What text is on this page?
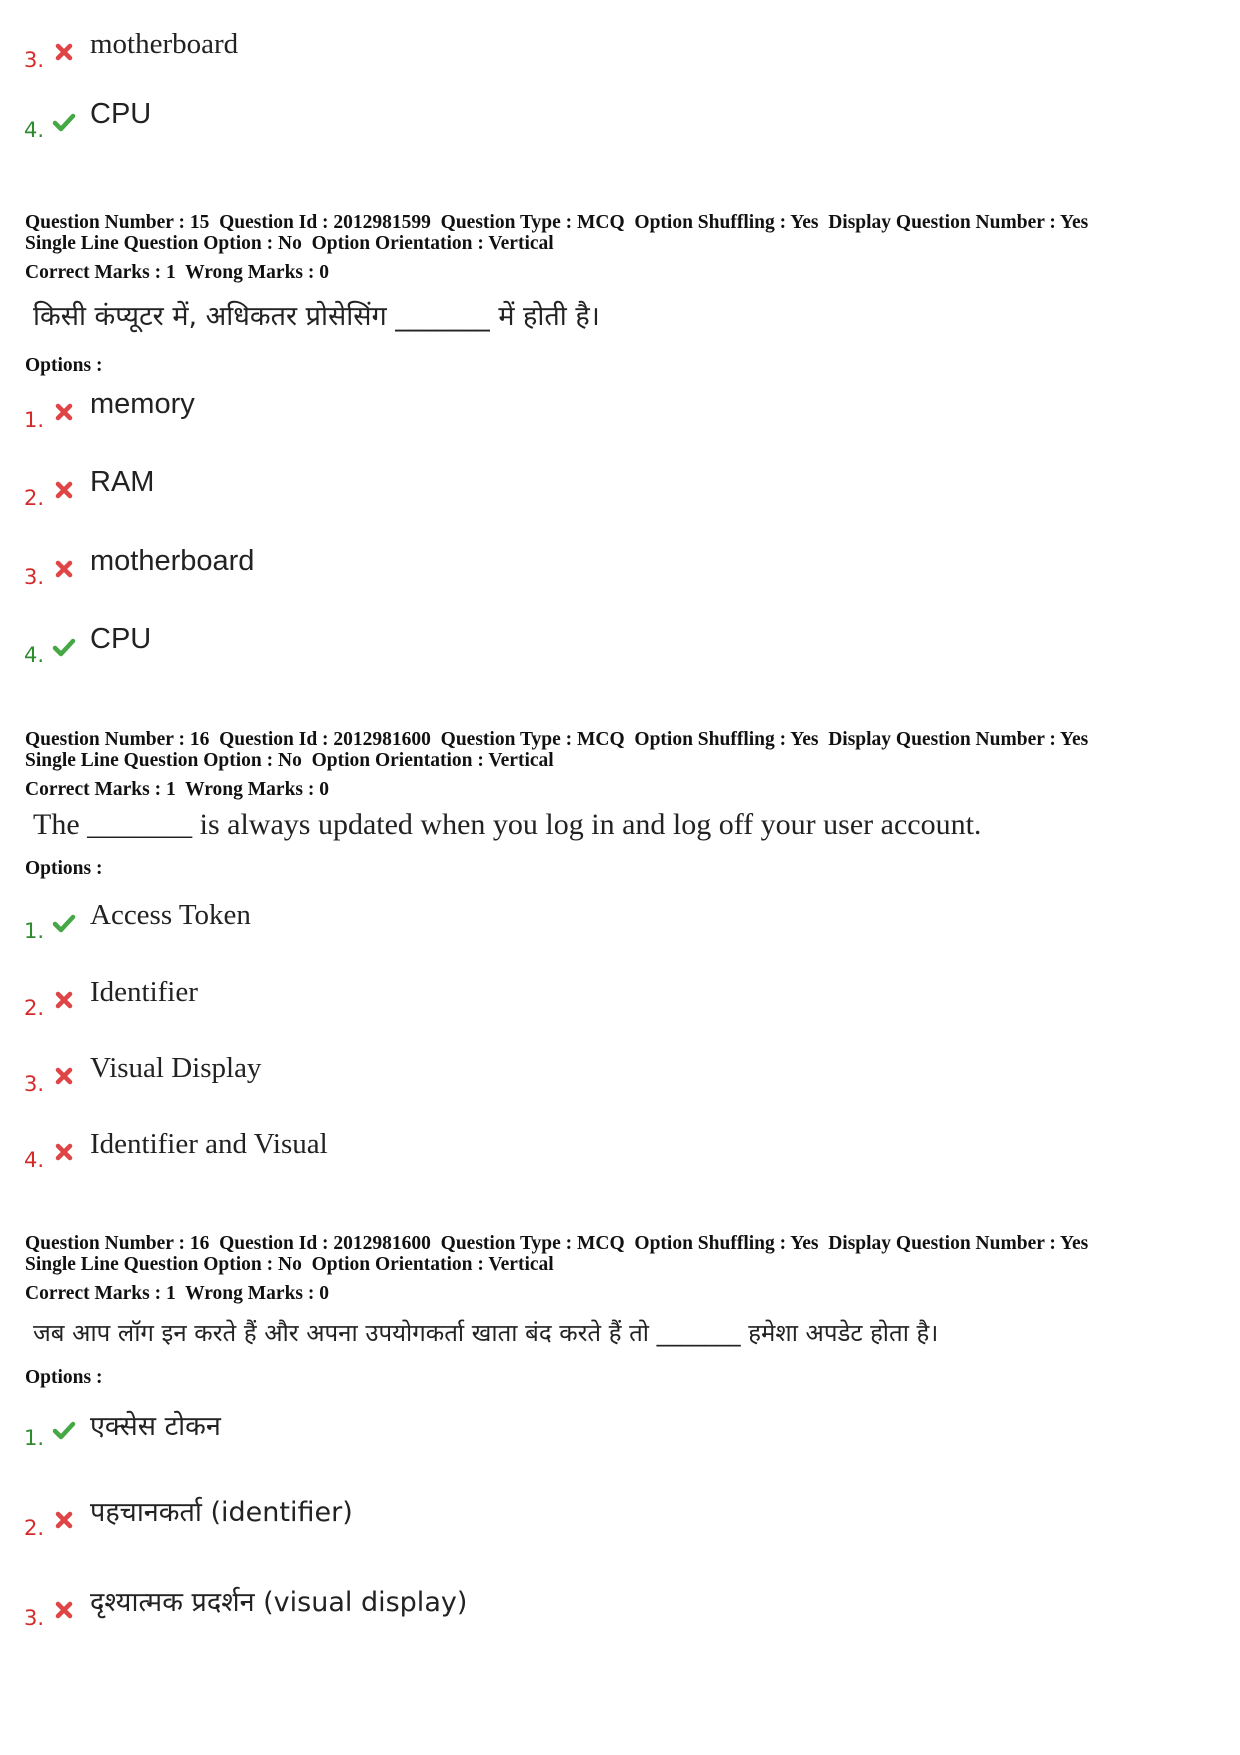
3. motherboard
4. CPU
Question Number : 15  Question Id : 2012981599  Question Type : MCQ  Option Shuffling : Yes  Display Question Number : Yes
Single Line Question Option : No  Option Orientation : Vertical
Correct Marks : 1  Wrong Marks : 0
किसी कंप्यूटर में, अधिकतर प्रोसेसिंग _______ में होती है।
Options :
1. memory
2. RAM
3. motherboard
4. CPU
Question Number : 16  Question Id : 2012981600  Question Type : MCQ  Option Shuffling : Yes  Display Question Number : Yes
Single Line Question Option : No  Option Orientation : Vertical
Correct Marks : 1  Wrong Marks : 0
The _______ is always updated when you log in and log off your user account.
Options :
1. Access Token
2. Identifier
3. Visual Display
4. Identifier and Visual
Question Number : 16  Question Id : 2012981600  Question Type : MCQ  Option Shuffling : Yes  Display Question Number : Yes
Single Line Question Option : No  Option Orientation : Vertical
Correct Marks : 1  Wrong Marks : 0
जब आप लॉग इन करते हैं और अपना उपयोगकर्ता खाता बंद करते हैं तो _______ हमेशा अपडेट होता है।
Options :
1. एक्सेस टोकन
2. पहचानकर्ता (identifier)
3. दृश्यात्मक प्रदर्शन (visual display)
